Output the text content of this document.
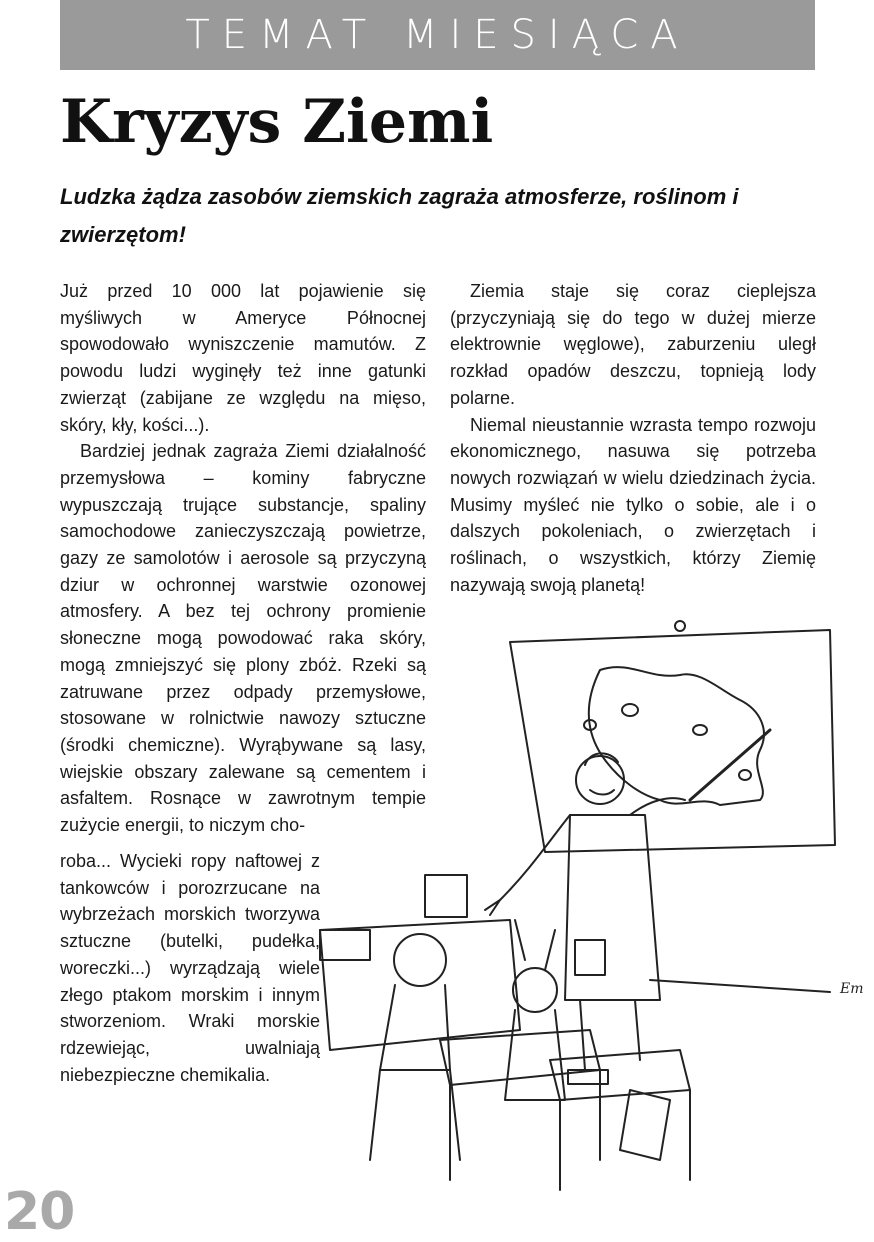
TEMAT MIESIĄCA
Kryzys Ziemi

Ludzka żądza zasobów ziemskich zagraża atmosferze, roślinom i zwierzętom!

Już przed 10 000 lat pojawienie się myśliwych w Ameryce Północnej spowodowało wyniszczenie mamutów. Z powodu ludzi wyginęły też inne gatunki zwierząt (zabijane ze względu na mięso, skóry, kły, kości...).

Bardziej jednak zagraża Ziemi działalność przemysłowa – kominy fabryczne wypuszczają trujące substancje, spaliny samochodowe zanieczyszczają powietrze, gazy ze samolotów i aerosole są przyczyną dziur w ochronnej warstwie ozonowej atmosfery. A bez tej ochrony promienie słoneczne mogą powodować raka skóry, mogą zmniejszyć się plony zbóż. Rzeki są zatruwane przez odpady przemysłowe, stosowane w rolnictwie nawozy sztuczne (środki chemiczne). Wyrąbywane są lasy, wiejskie obszary zalewane są cementem i asfaltem. Rosnące w zawrotnym tempie zużycie energii, to niczym cho-

roba... Wycieki ropy naftowej z tankowców i porozrzucane na wybrzeżach morskich tworzywa sztuczne (butelki, pudełka, woreczki...) wyrządzają wiele złego ptakom morskim i innym stworzeniom. Wraki morskie rdzewiejąc, uwalniają niebezpieczne chemikalia.

Ziemia staje się coraz cieplejsza (przyczyniają się do tego w dużej mierze elektrownie węglowe), zaburzeniu uległ rozkład opadów deszczu, topnieją lody polarne.

Niemal nieustannie wzrasta tempo rozwoju ekonomicznego, nasuwa się potrzeba nowych rozwiązań w wielu dziedzinach życia. Musimy myśleć nie tylko o sobie, ale i o dalszych pokoleniach, o zwierzętach i roślinach, o wszystkich, którzy Ziemię nazywają swoją planetą!

Em
20
